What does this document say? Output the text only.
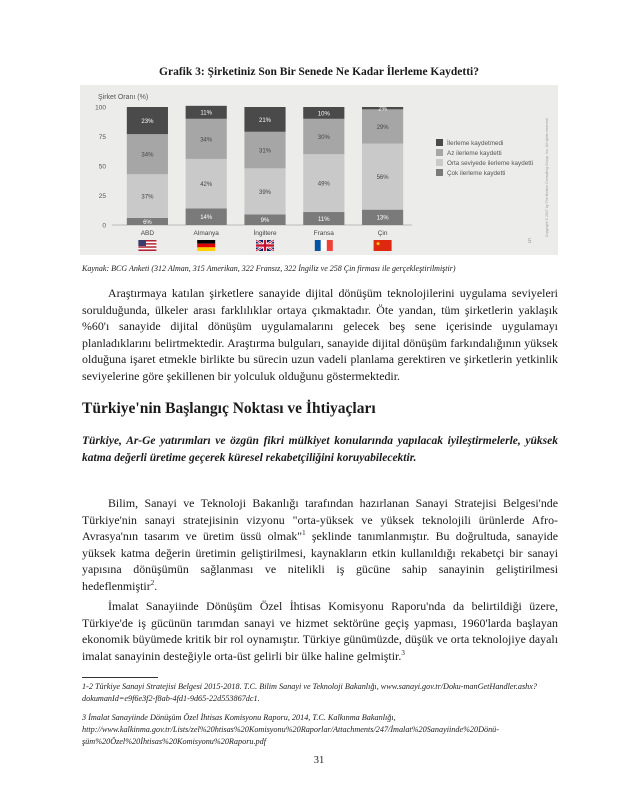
Grafik 3: Şirketiniz Son Bir Senede Ne Kadar İlerleme Kaydetti?
Şirket Oranı (%)
0
25
50
75
100
6%
37%
34%
23%
ABD
14%
42%
34%
11%
Almanya
9%
39%
31%
21%
İngiltere
11%
49%
30%
10%
Fransa
13%
56%
29%
2%
Çin
★
İlerleme kaydetmedi
Az ilerleme kaydetti
Orta seviyede ilerleme kaydetti
Çok ilerleme kaydetti	Copyright © 2017 by The Boston Consulting Group, Inc. All rights reserved.
5
Kaynak: BCG Anketi (312 Alman, 315 Amerikan, 322 Fransız, 322 İngiliz ve 258 Çin firması ile gerçekleştirilmiştir)

Araştırmaya katılan şirketlere sanayide dijital dönüşüm teknolojilerini uygulama seviyeleri sorulduğunda, ülkeler arası farklılıklar ortaya çıkmaktadır. Öte yandan, tüm şirketlerin yaklaşık %60'ı sanayide dijital dönüşüm uygulamalarını gelecek beş sene içerisinde uygulamayı planladıklarını belirtmektedir. Araştırma bulguları, sanayide dijital dönüşüm farkındalığının yüksek olduğuna işaret etmekle birlikte bu sürecin uzun vadeli planlama gerektiren ve şirketlerin yetkinlik seviyelerine göre şekillenen bir yolculuk olduğunu göstermektedir.

Türkiye'nin Başlangıç Noktası ve İhtiyaçları
Türkiye, Ar-Ge yatırımları ve özgün fikri mülkiyet konularında yapılacak iyileştirmelerle, yüksek katma değerli üretime geçerek küresel rekabetçiliğini koruyabilecektir.

Bilim, Sanayi ve Teknoloji Bakanlığı tarafından hazırlanan Sanayi Stratejisi Belgesi'nde Türkiye'nin sanayi stratejisinin vizyonu "orta-yüksek ve yüksek teknolojili ürünlerde Afro-Avrasya'nın tasarım ve üretim üssü olmak"$^1$ şeklinde tanımlanmıştır. Bu doğrultuda, sanayide yüksek katma değerin üretimin geliştirilmesi, kaynakların etkin kullanıldığı rekabetçi bir sanayi yapısına dönüşümün sağlanması ve nitelikli iş gücüne sahip sanayinin geliştirilmesi hedeflenmiştir$^2$.

İmalat Sanayiinde Dönüşüm Özel İhtisas Komisyonu Raporu'nda da belirtildiği üzere, Türkiye'de iş gücünün tarımdan sanayi ve hizmet sektörüne geçiş yapması, 1960'larda başlayan ekonomik büyümede kritik bir rol oynamıştır. Türkiye günümüzde, düşük ve orta teknolojiye dayalı imalat sanayinin desteğiyle orta-üst gelirli bir ülke haline gelmiştir.$^3$

1-2 Türkiye Sanayi Stratejisi Belgesi 2015-2018. T.C. Bilim Sanayi ve Teknoloji Bakanlığı, www.sanayi.gov.tr/Doku-manGetHandler.ashx?dokumanId=e9f6e3f2-f8ab-4fd1-9d65-22d553867dc1.
3 İmalat Sanayiinde Dönüşüm Özel İhtisas Komisyonu Raporu, 2014, T.C. Kalkınma Bakanlığı, http://www.kalkinma.gov.tr/Lists/zel%20htisas%20Komisyonu%20Raporlar/Attachments/247/İmalat%20Sanayiinde%20Dönü-şüm%20Özel%20İhtisas%20Komisyonu%20Raporu.pdf
31
